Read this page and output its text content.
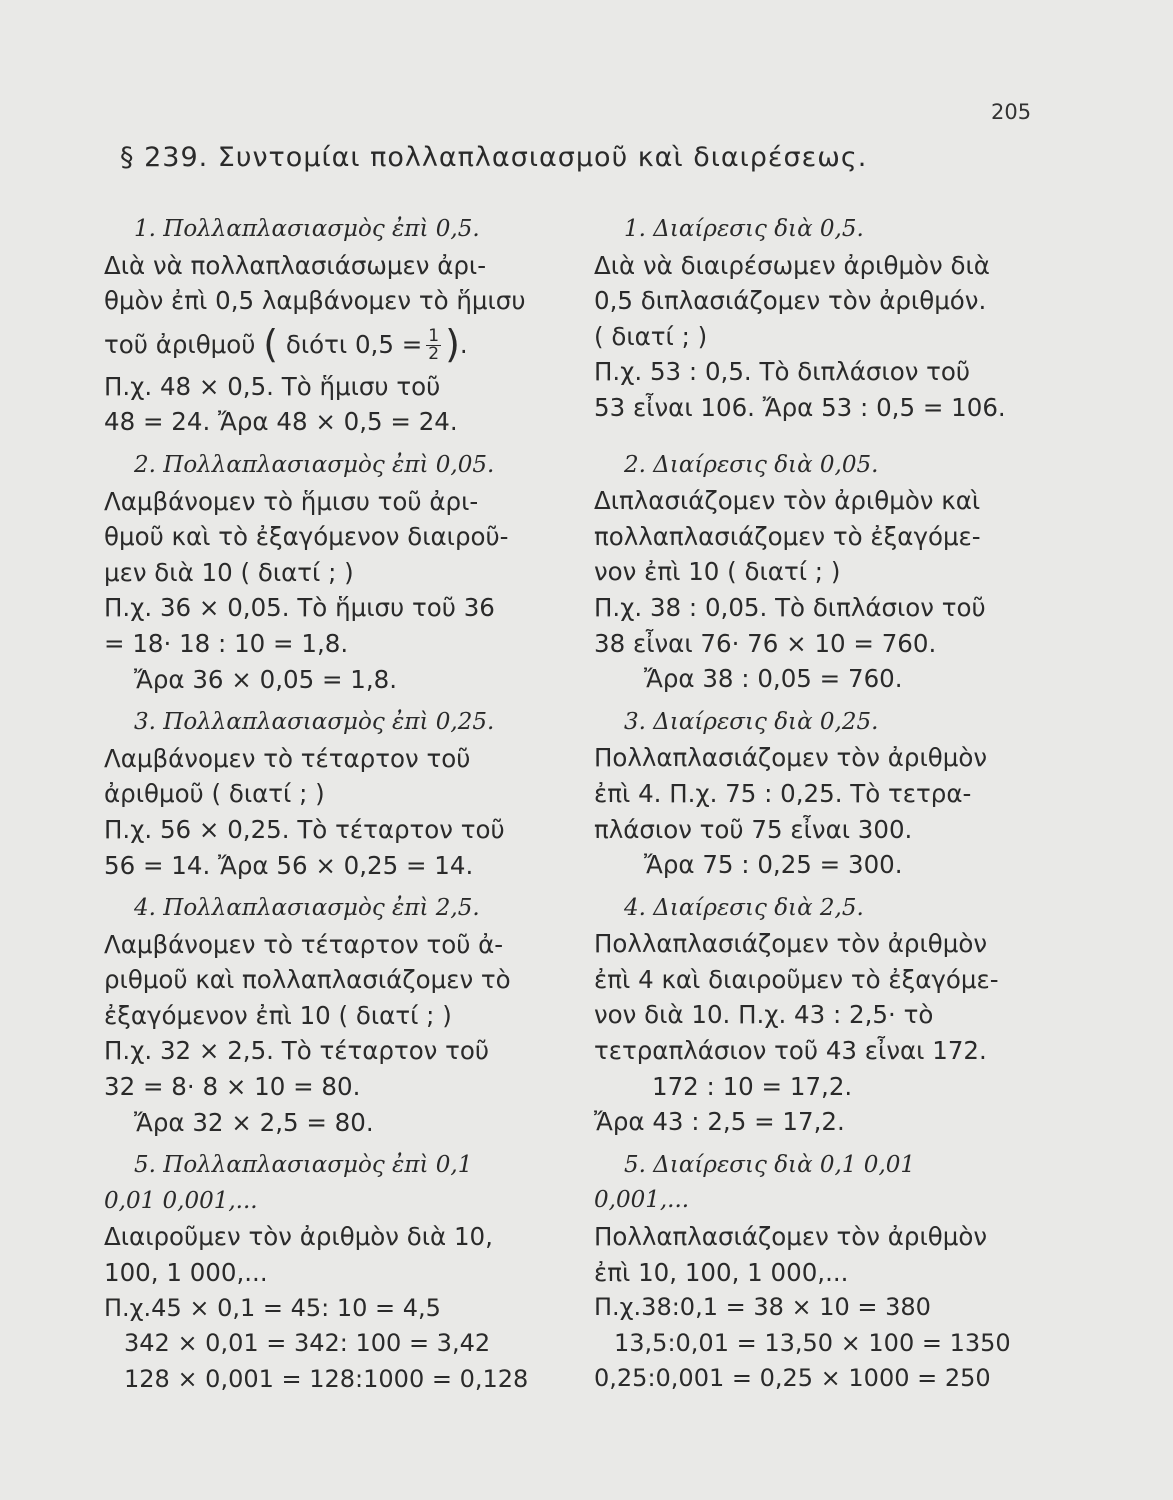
205
§ 239. Συντομίαι πολλαπλασιασμοῦ καὶ διαιρέσεως.
1. Πολλαπλασιασμὸς ἐπὶ 0,5.
Διὰ νὰ πολλαπλασιάσωμεν ἀρι-
θμὸν ἐπὶ 0,5 λαμβάνομεν τὸ ἥμισυ
τοῦ ἀριθμοῦ ( διότι $0,5 = \frac{1}{2}$ ).
Π.χ. 48 × 0,5. Τὸ ἥμισυ τοῦ
48 = 24. Ἄρα 48 × 0,5 = 24.
2. Πολλαπλασιασμὸς ἐπὶ 0,05.
Λαμβάνομεν τὸ ἥμισυ τοῦ ἀρι-
θμοῦ καὶ τὸ ἐξαγόμενον διαιροῦ-
μεν διὰ 10 ( διατί ; )
Π.χ. 36 × 0,05. Τὸ ἥμισυ τοῦ 36
= 18· 18 : 10 = 1,8.
Ἄρα 36 × 0,05 = 1,8.
3. Πολλαπλασιασμὸς ἐπὶ 0,25.
Λαμβάνομεν τὸ τέταρτον τοῦ
ἀριθμοῦ ( διατί ; )
Π.χ. 56 × 0,25. Τὸ τέταρτον τοῦ
56 = 14. Ἄρα 56 × 0,25 = 14.
4. Πολλαπλασιασμὸς ἐπὶ 2,5.
Λαμβάνομεν τὸ τέταρτον τοῦ ἀ-
ριθμοῦ καὶ πολλαπλασιάζομεν τὸ
ἐξαγόμενον ἐπὶ 10 ( διατί ; )
Π.χ. 32 × 2,5. Τὸ τέταρτον τοῦ
32 = 8· 8 × 10 = 80.
Ἄρα 32 × 2,5 = 80.
5. Πολλαπλασιασμὸς ἐπὶ 0,1
0,01 0,001,...
Διαιροῦμεν τὸν ἀριθμὸν διὰ 10,
100, 1 000,...
Π.χ.45 × 0,1 = 45: 10 = 4,5
342 × 0,01 = 342: 100 = 3,42
128 × 0,001 = 128:1000 = 0,128
1. Διαίρεσις διὰ 0,5.
Διὰ νὰ διαιρέσωμεν ἀριθμὸν διὰ
0,5 διπλασιάζομεν τὸν ἀριθμόν.
( διατί ; )
Π.χ. 53 : 0,5. Τὸ διπλάσιον τοῦ
53 εἶναι 106. Ἄρα 53 : 0,5 = 106.
2. Διαίρεσις διὰ 0,05.
Διπλασιάζομεν τὸν ἀριθμὸν καὶ
πολλαπλασιάζομεν τὸ ἐξαγόμε-
νον ἐπὶ 10 ( διατί ; )
Π.χ. 38 : 0,05. Τὸ διπλάσιον τοῦ
38 εἶναι 76· 76 × 10 = 760.
Ἄρα 38 : 0,05 = 760.
3. Διαίρεσις διὰ 0,25.
Πολλαπλασιάζομεν τὸν ἀριθμὸν
ἐπὶ 4. Π.χ. 75 : 0,25. Τὸ τετρα-
πλάσιον τοῦ 75 εἶναι 300.
Ἄρα 75 : 0,25 = 300.
4. Διαίρεσις διὰ 2,5.
Πολλαπλασιάζομεν τὸν ἀριθμὸν
ἐπὶ 4 καὶ διαιροῦμεν τὸ ἐξαγόμε-
νον διὰ 10. Π.χ. 43 : 2,5· τὸ
τετραπλάσιον τοῦ 43 εἶναι 172.
172 : 10 = 17,2.
Ἄρα 43 : 2,5 = 17,2.
5. Διαίρεσις διὰ 0,1 0,01
0,001,...
Πολλαπλασιάζομεν τὸν ἀριθμὸν
ἐπὶ 10, 100, 1 000,...
Π.χ.38:0,1 = 38 × 10 = 380
13,5:0,01 = 13,50 × 100 = 1350
0,25:0,001 = 0,25 × 1000 = 250
